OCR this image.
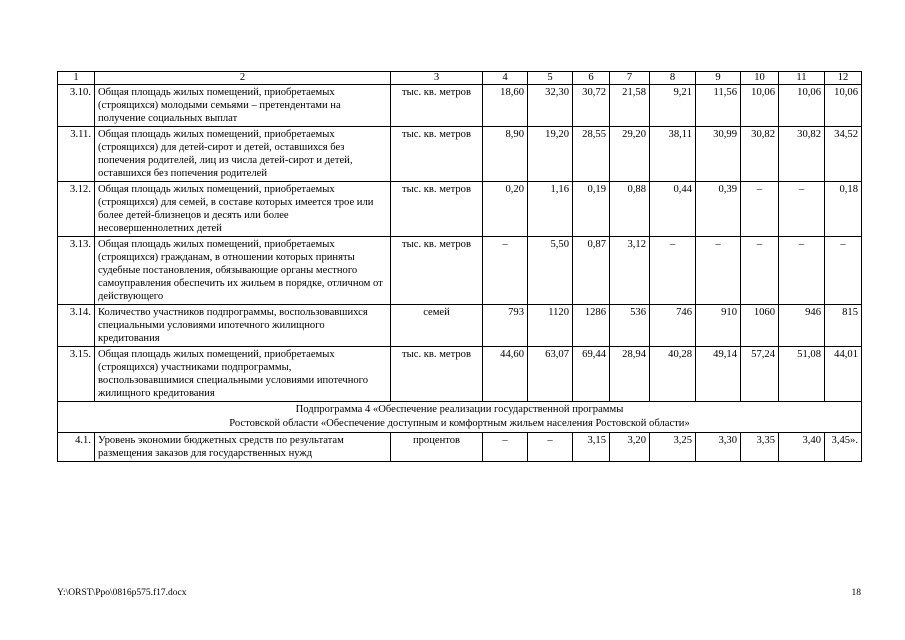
1	2	3	4	5	6	7	8	9	10	11	12
3.10.	Общая площадь жилых помещений, приобретаемых (строящихся) молодыми семьями – претендентами на получение социальных выплат	тыс. кв. метров	18,60	32,30	30,72	21,58	9,21	11,56	10,06	10,06	10,06
3.11.	Общая площадь жилых помещений, приобретаемых (строящихся) для детей-сирот и детей, оставшихся без попечения родителей, лиц из числа детей-сирот и детей, оставшихся без попечения родителей	тыс. кв. метров	8,90	19,20	28,55	29,20	38,11	30,99	30,82	30,82	34,52
3.12.	Общая площадь жилых помещений, приобретаемых (строящихся) для семей, в составе которых имеется трое или более детей-близнецов и десять или более несовершеннолетних детей	тыс. кв. метров	0,20	1,16	0,19	0,88	0,44	0,39	–	–	0,18
3.13.	Общая площадь жилых помещений, приобретаемых (строящихся) гражданам, в отношении которых приняты судебные постановления, обязывающие органы местного самоуправления обеспечить их жильем в порядке, отличном от действующего	тыс. кв. метров	–	5,50	0,87	3,12	–	–	–	–	–
3.14.	Количество участников подпрограммы, воспользовавшихся специальными условиями ипотечного жилищного кредитования	семей	793	1120	1286	536	746	910	1060	946	815
3.15.	Общая площадь жилых помещений, приобретаемых (строящихся) участниками подпрограммы, воспользовавшимися специальными условиями ипотечного жилищного кредитования	тыс. кв. метров	44,60	63,07	69,44	28,94	40,28	49,14	57,24	51,08	44,01

Подпрограмма 4 «Обеспечение реализации государственной программы
Ростовской области «Обеспечение доступным и комфортным жильем населения Ростовской области»											

4.1.	Уровень экономии бюджетных средств по результатам размещения заказов для государственных нужд	процентов	–	–	3,15	3,20	3,25	3,30	3,35	3,40	3,45».
Y:\ORST\Ppo\0816p575.f17.docx	18
